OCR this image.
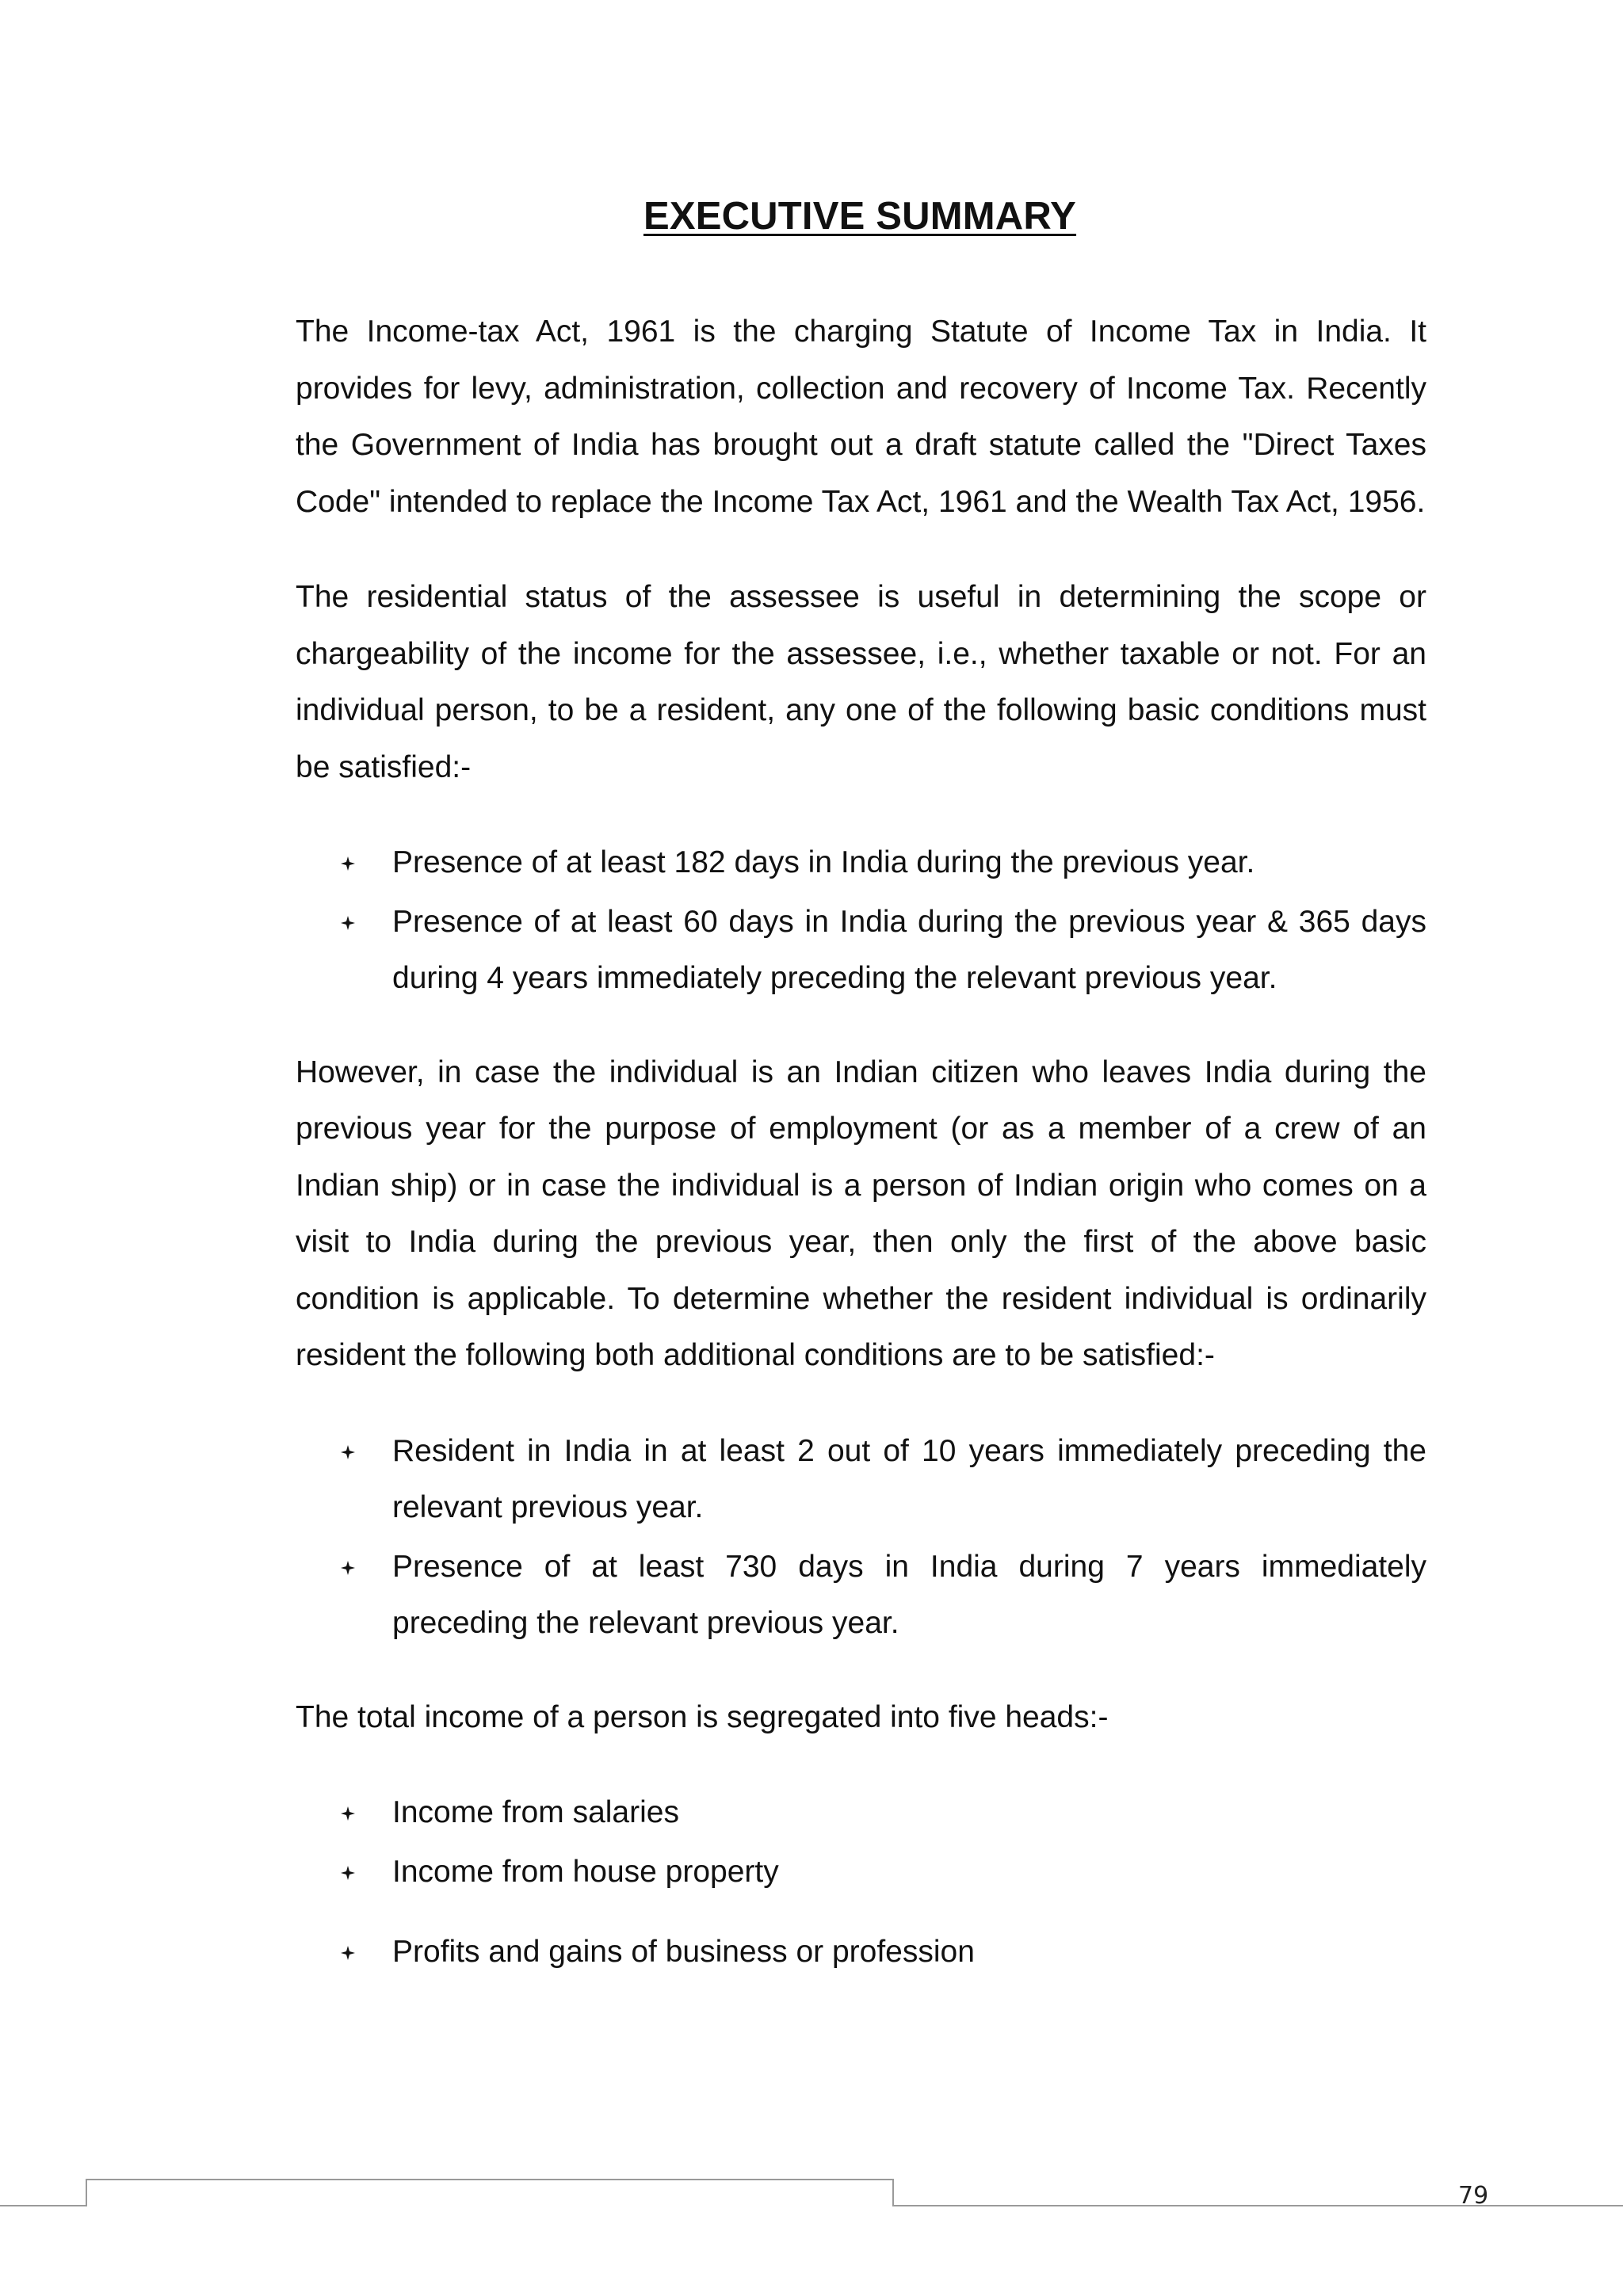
EXECUTIVE SUMMARY

The Income-tax Act, 1961 is the charging Statute of Income Tax in India. It provides for levy, administration, collection and recovery of Income Tax. Recently the Government of India has brought out a draft statute called the "Direct Taxes Code" intended to replace the Income Tax Act, 1961 and the Wealth Tax Act, 1956.

The residential status of the assessee is useful in determining the scope or chargeability of the income for the assessee, i.e., whether taxable or not. For an individual person, to be a resident, any one of the following basic conditions must be satisfied:-

Presence of at least 182 days in India during the previous year.
Presence of at least 60 days in India during the previous year & 365 days during 4 years immediately preceding the relevant previous year.

However, in case the individual is an Indian citizen who leaves India during the previous year for the purpose of employment (or as a member of a crew of an Indian ship) or in case the individual is a person of Indian origin who comes on a visit to India during the previous year, then only the first of the above basic condition is applicable. To determine whether the resident individual is ordinarily resident the following both additional conditions are to be satisfied:-

Resident in India in at least 2 out of 10 years immediately preceding the relevant previous year.
Presence of at least 730 days in India during 7 years immediately preceding the relevant previous year.

The total income of a person is segregated into five heads:-

Income from salaries
Income from house property
Profits and gains of business or profession
79
